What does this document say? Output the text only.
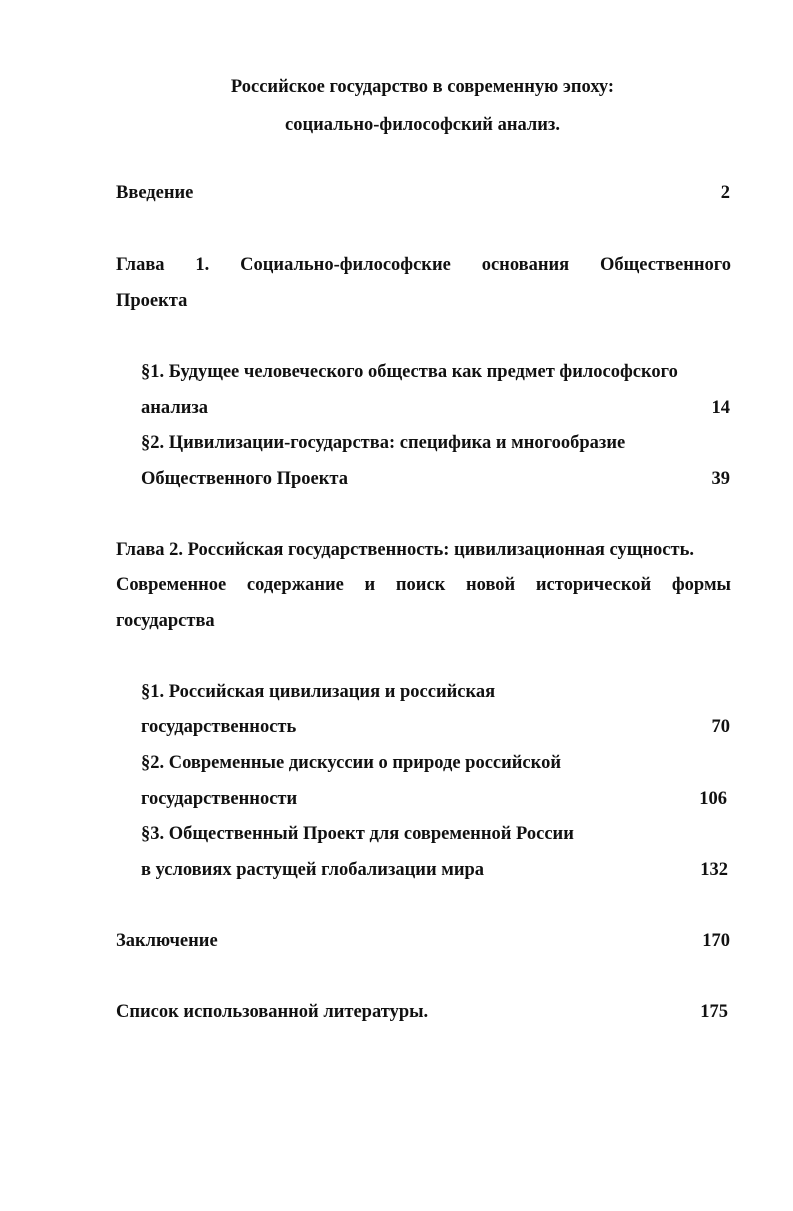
Российское государство в современную эпоху:
социально-философский анализ.
Введение	2
Глава 1. Социально-философские основания Общественного
Проекта
§1. Будущее человеческого общества как предмет философского
анализа	14
§2. Цивилизации-государства: специфика и многообразие
Общественного Проекта	39
Глава 2. Российская государственность: цивилизационная сущность.
Современное содержание и поиск новой исторической формы
государства
§1. Российская цивилизация и российская
государственность	70
§2. Современные дискуссии о природе российской
государственности	106
§3. Общественный Проект для современной России
в условиях растущей глобализации мира	132
Заключение	170
Список использованной литературы.	175
